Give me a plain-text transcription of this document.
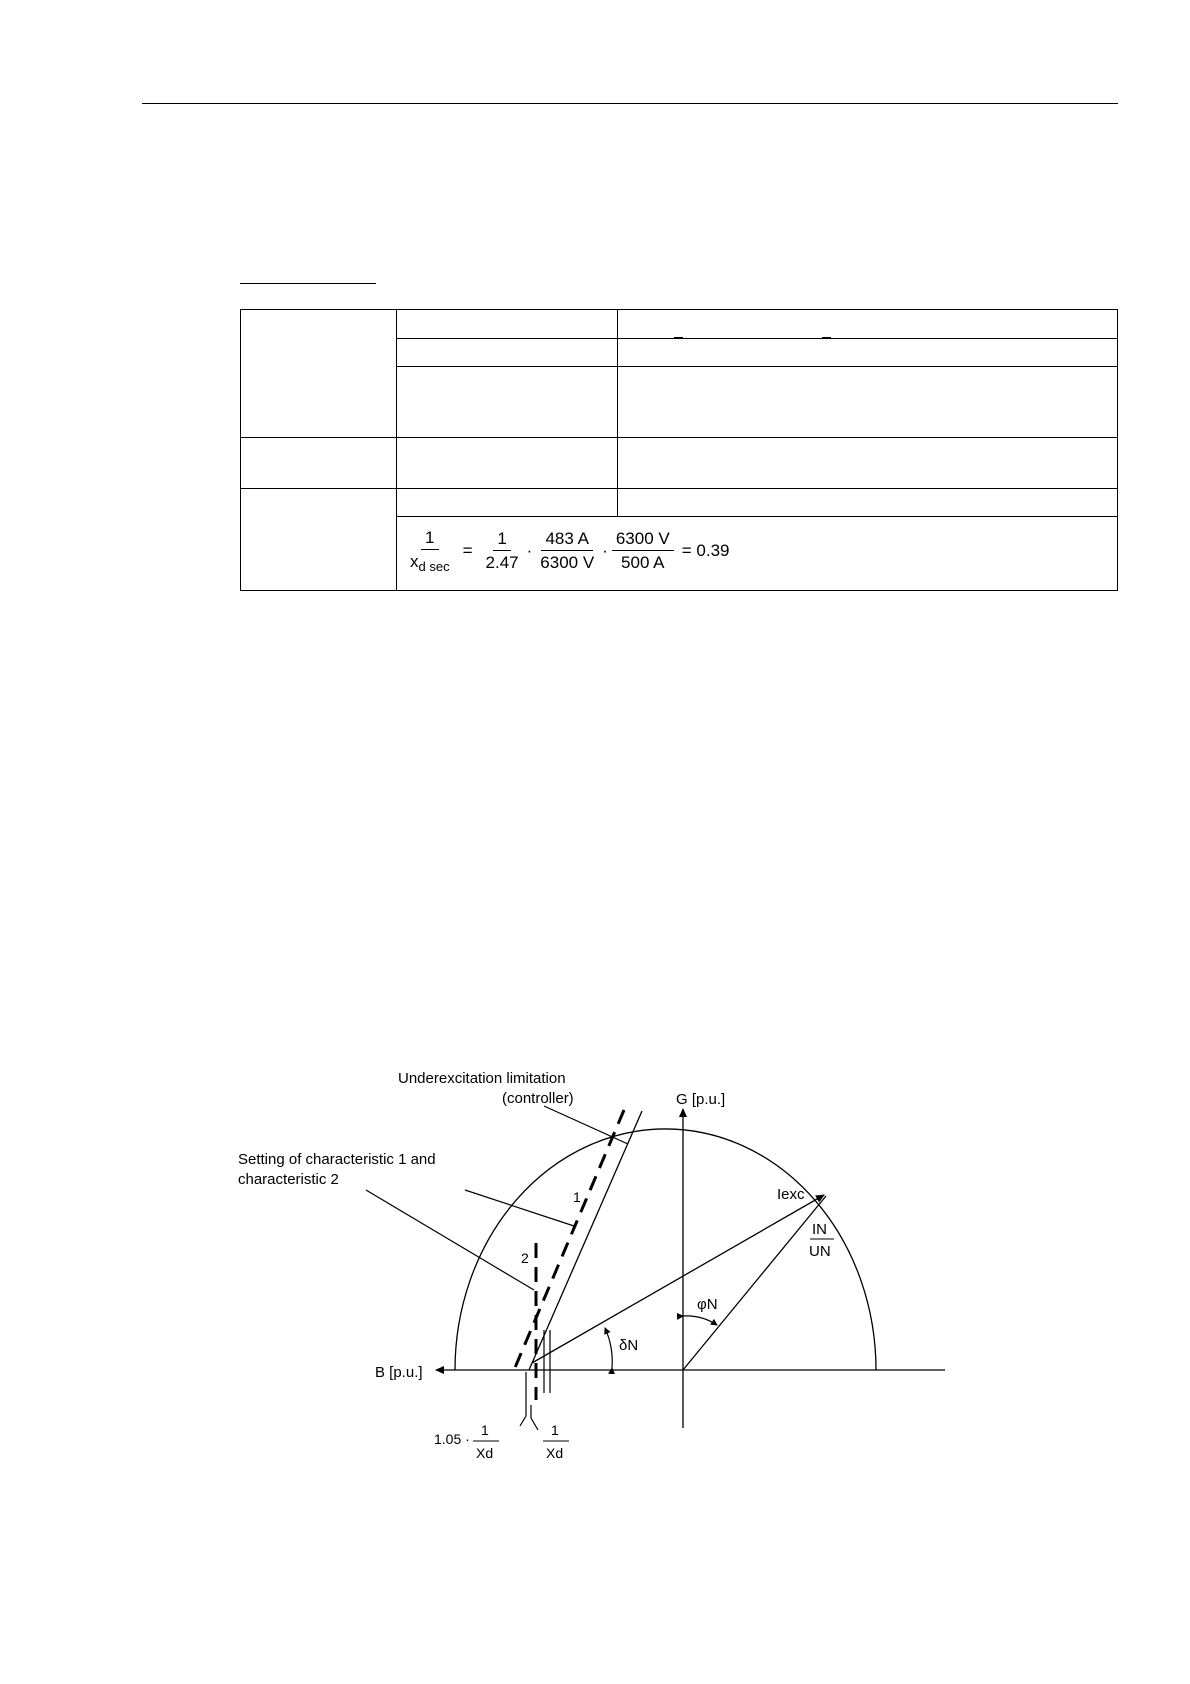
$\frac{1}{x_{d sec}} = \frac{1}{2.47} \cdot \frac{483 A}{6300 V} \cdot \frac{6300 V}{500 A} = 0.39$
Underexcitation limitation
(controller)
Setting of characteristic 1 and
characteristic 2
G [p.u.]
B [p.u.]
Iexc
IN
UN
φN
δN
1
2
1.05 ·
1
Xd
1
Xd
